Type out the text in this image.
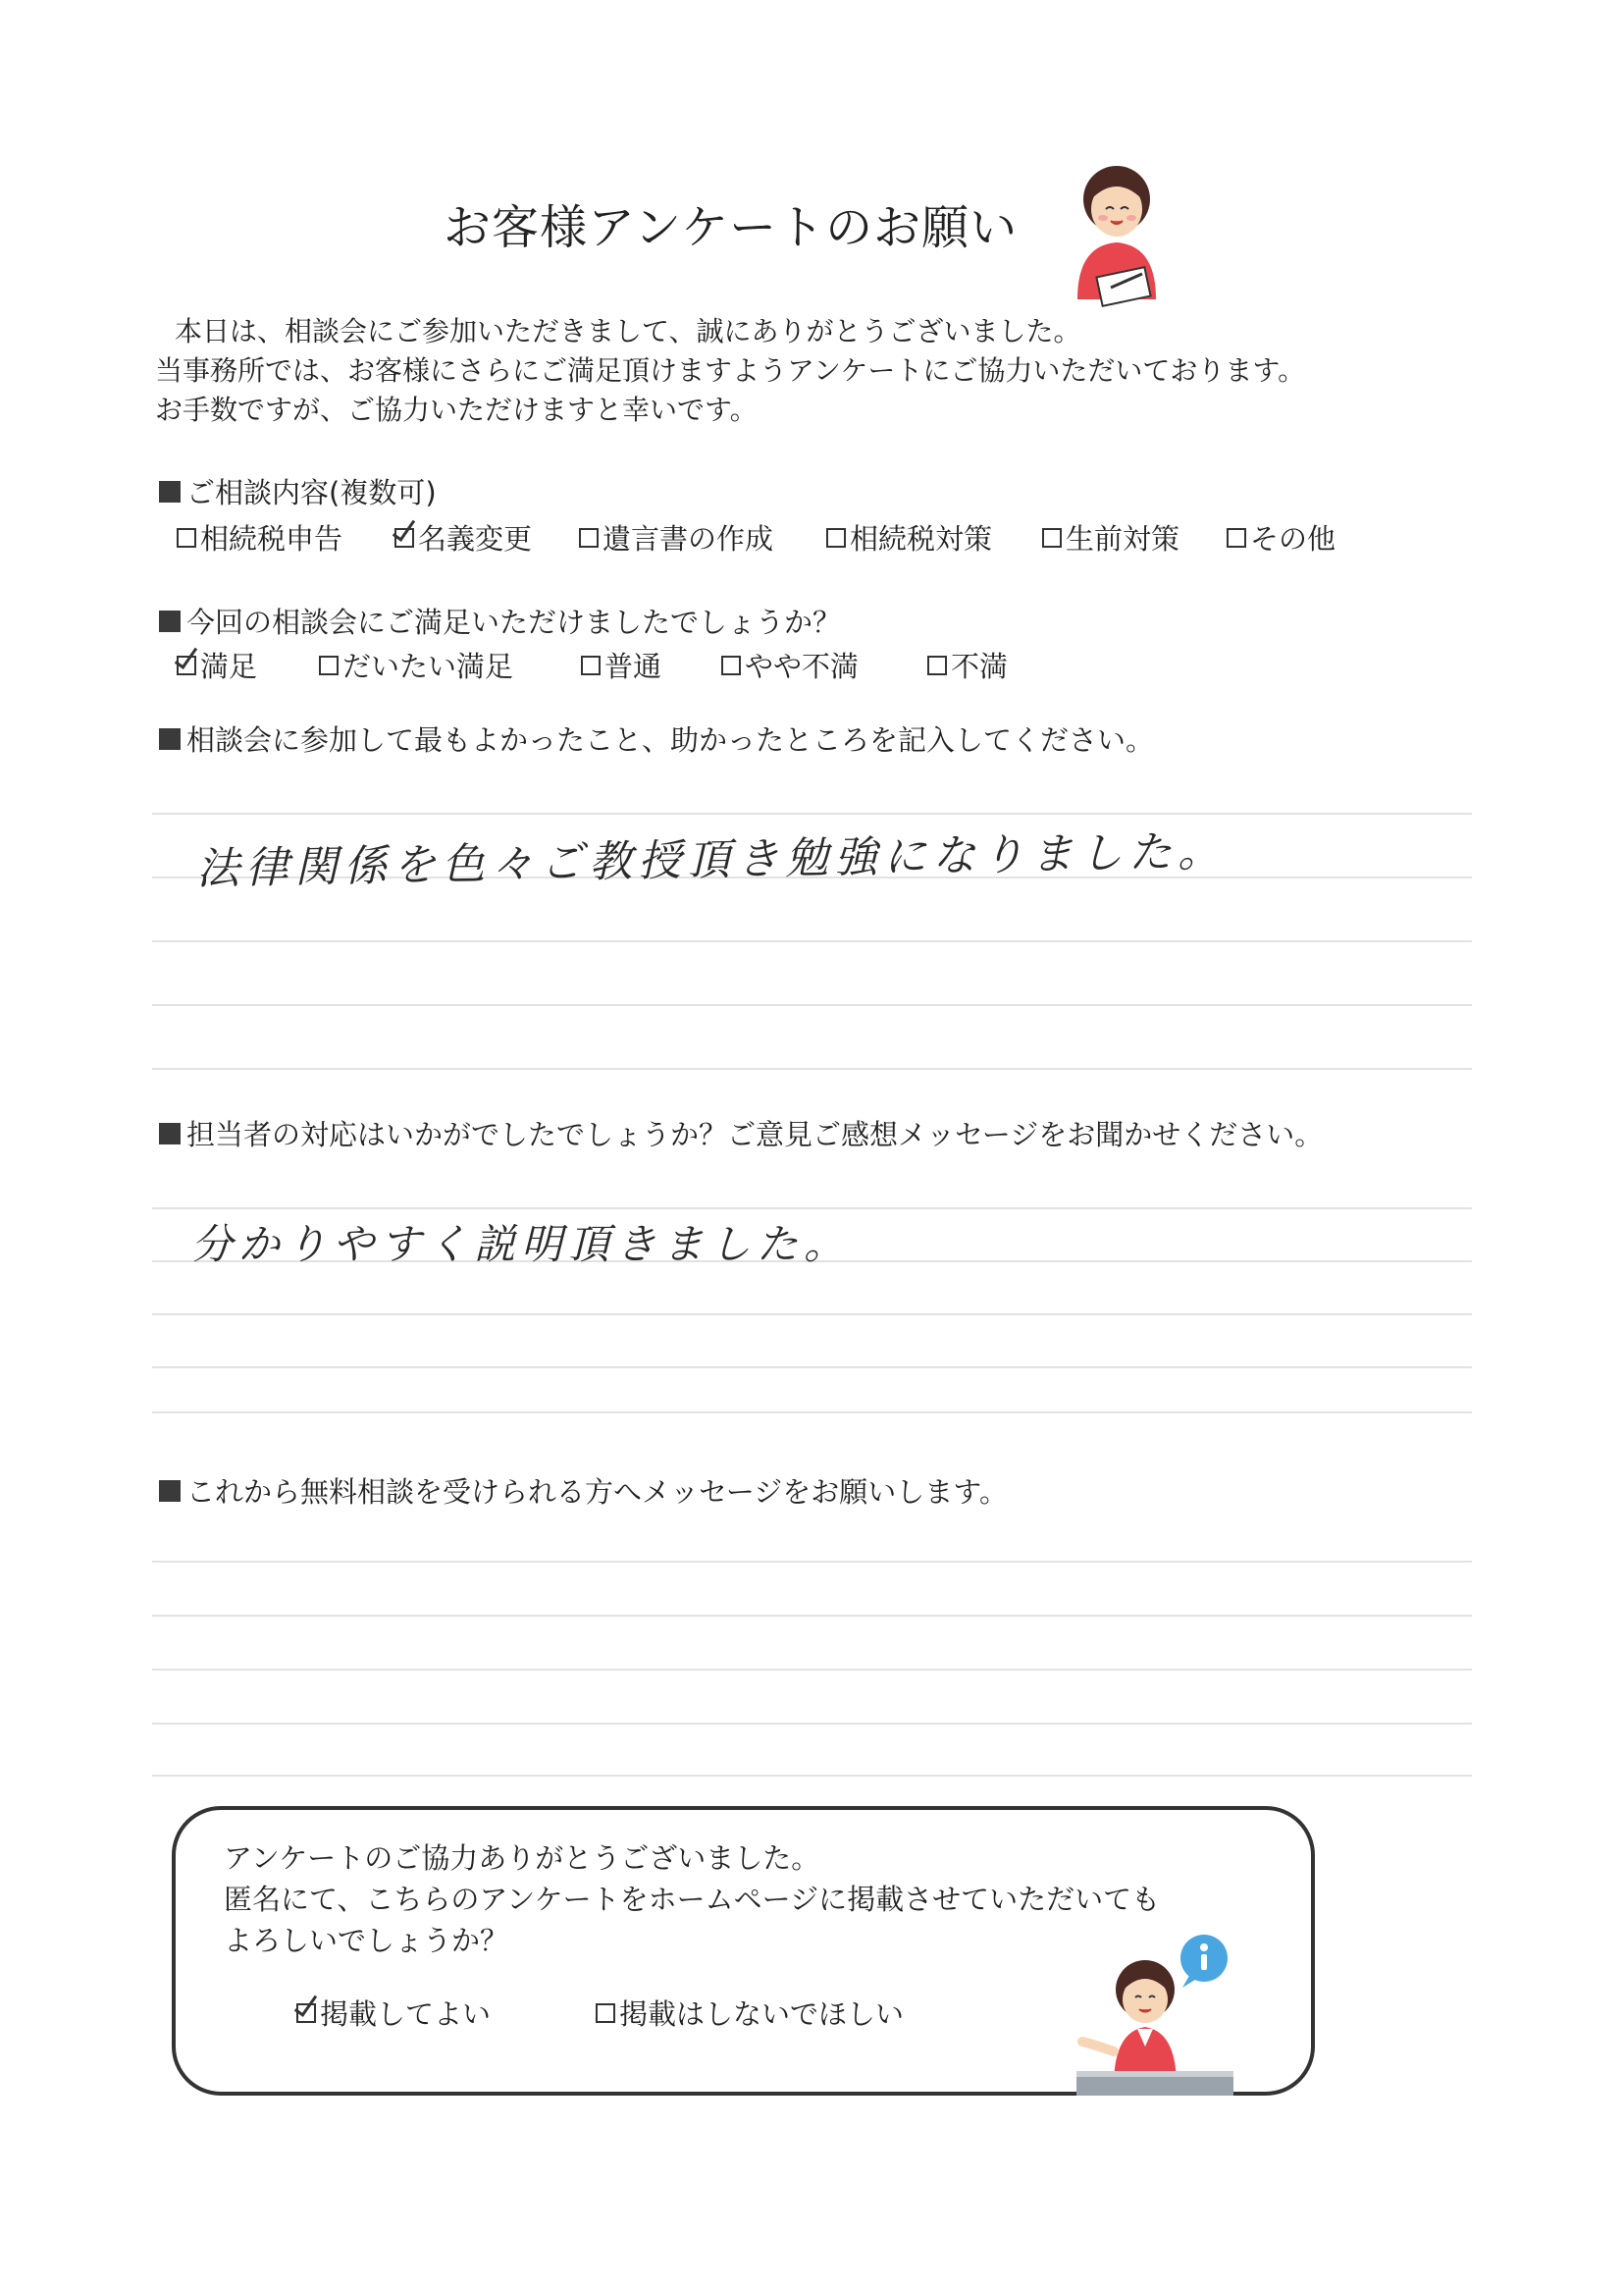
お客様アンケートのお願い
本日は、相談会にご参加いただきまして、誠にありがとうございました。
当事務所では、お客様にさらにご満足頂けますようアンケートにご協力いただいております。
お手数ですが、ご協力いただけますと幸いです。
ご相談内容(複数可)
相続税申告	名義変更 遺言書の作成	相続税対策	生前対策 その他
今回の相談会にご満足いただけましたでしょうか？
満足	だいたい満足	普通	やや不満	不満
相談会に参加して最もよかったこと、助かったところを記入してください。
法律関係を色々ご教授頂き勉強になりました。
担当者の対応はいかがでしたでしょうか？ご意見ご感想メッセージをお聞かせください。
分かりやすく説明頂きました。
これから無料相談を受けられる方へメッセージをお願いします。
アンケートのご協力ありがとうございました。
匿名にて、こちらのアンケートをホームページに掲載させていただいても
よろしいでしょうか？
掲載してよい	掲載はしないでほしい
